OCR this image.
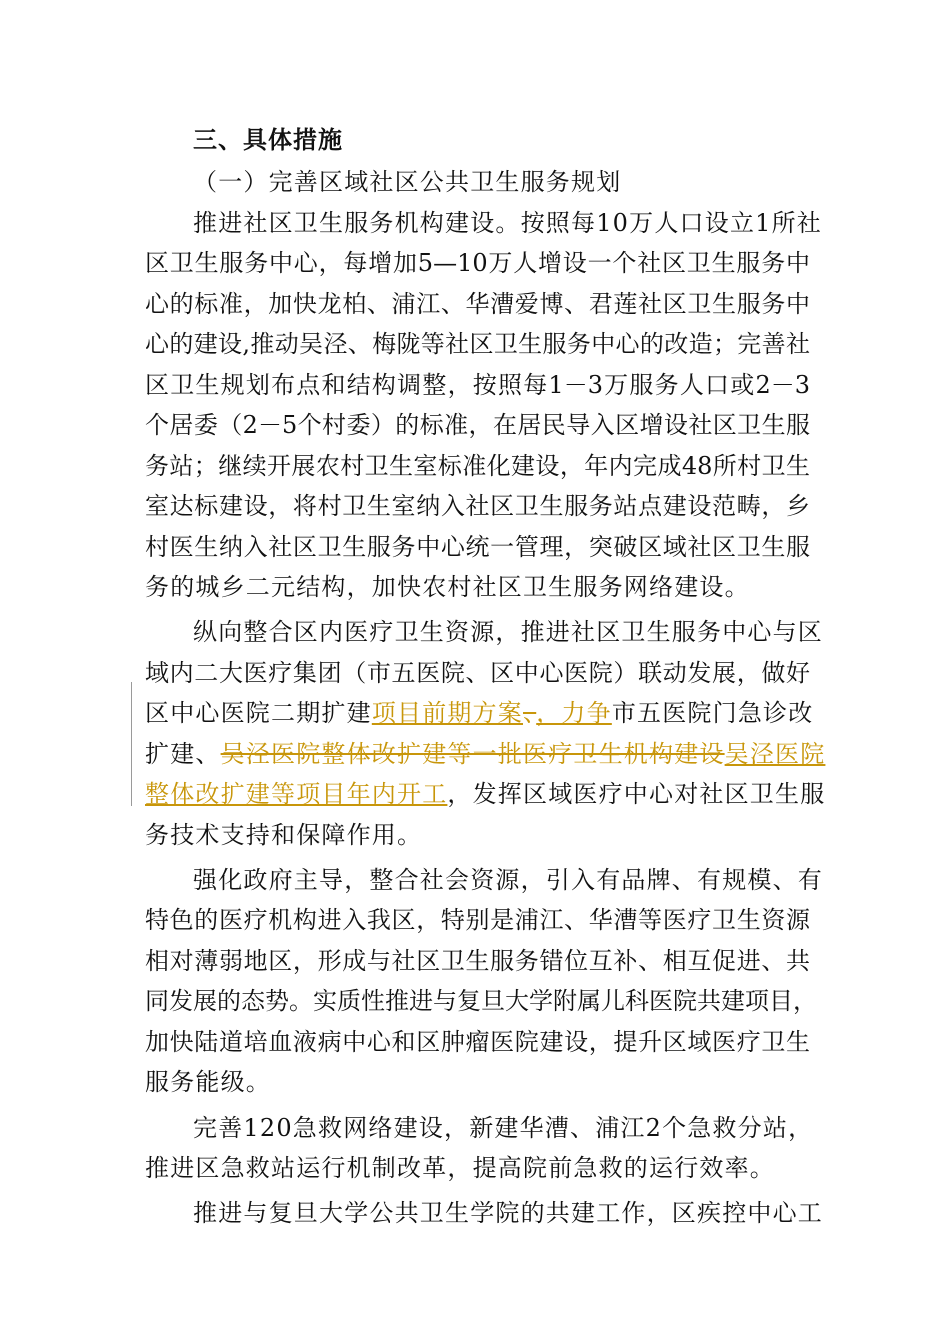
三、具体措施
（一）完善区域社区公共卫生服务规划
推进社区卫生服务机构建设。按照每10万人口设立1所社
区卫生服务中心，每增加5—10万人增设一个社区卫生服务中
心的标准，加快龙柏、浦江、华漕爱博、君莲社区卫生服务中
心的建设,推动吴泾、梅陇等社区卫生服务中心的改造；完善社
区卫生规划布点和结构调整，按照每1－3万服务人口或2－3
个居委（2－5个村委）的标准，在居民导入区增设社区卫生服
务站；继续开展农村卫生室标准化建设，年内完成48所村卫生
室达标建设，将村卫生室纳入社区卫生服务站点建设范畴，乡
村医生纳入社区卫生服务中心统一管理，突破区域社区卫生服
务的城乡二元结构，加快农村社区卫生服务网络建设。
纵向整合区内医疗卫生资源，推进社区卫生服务中心与区
域内二大医疗集团（市五医院、区中心医院）联动发展，做好
区中心医院二期扩建项目前期方案、，力争市五医院门急诊改
扩建、吴泾医院整体改扩建等一批医疗卫生机构建设吴泾医院
整体改扩建等项目年内开工，发挥区域医疗中心对社区卫生服
务技术支持和保障作用。
强化政府主导，整合社会资源，引入有品牌、有规模、有
特色的医疗机构进入我区，特别是浦江、华漕等医疗卫生资源
相对薄弱地区，形成与社区卫生服务错位互补、相互促进、共
同发展的态势。实质性推进与复旦大学附属儿科医院共建项目，
加快陆道培血液病中心和区肿瘤医院建设，提升区域医疗卫生
服务能级。
完善120急救网络建设，新建华漕、浦江2个急救分站，
推进区急救站运行机制改革，提高院前急救的运行效率。
推进与复旦大学公共卫生学院的共建工作，区疾控中心工
